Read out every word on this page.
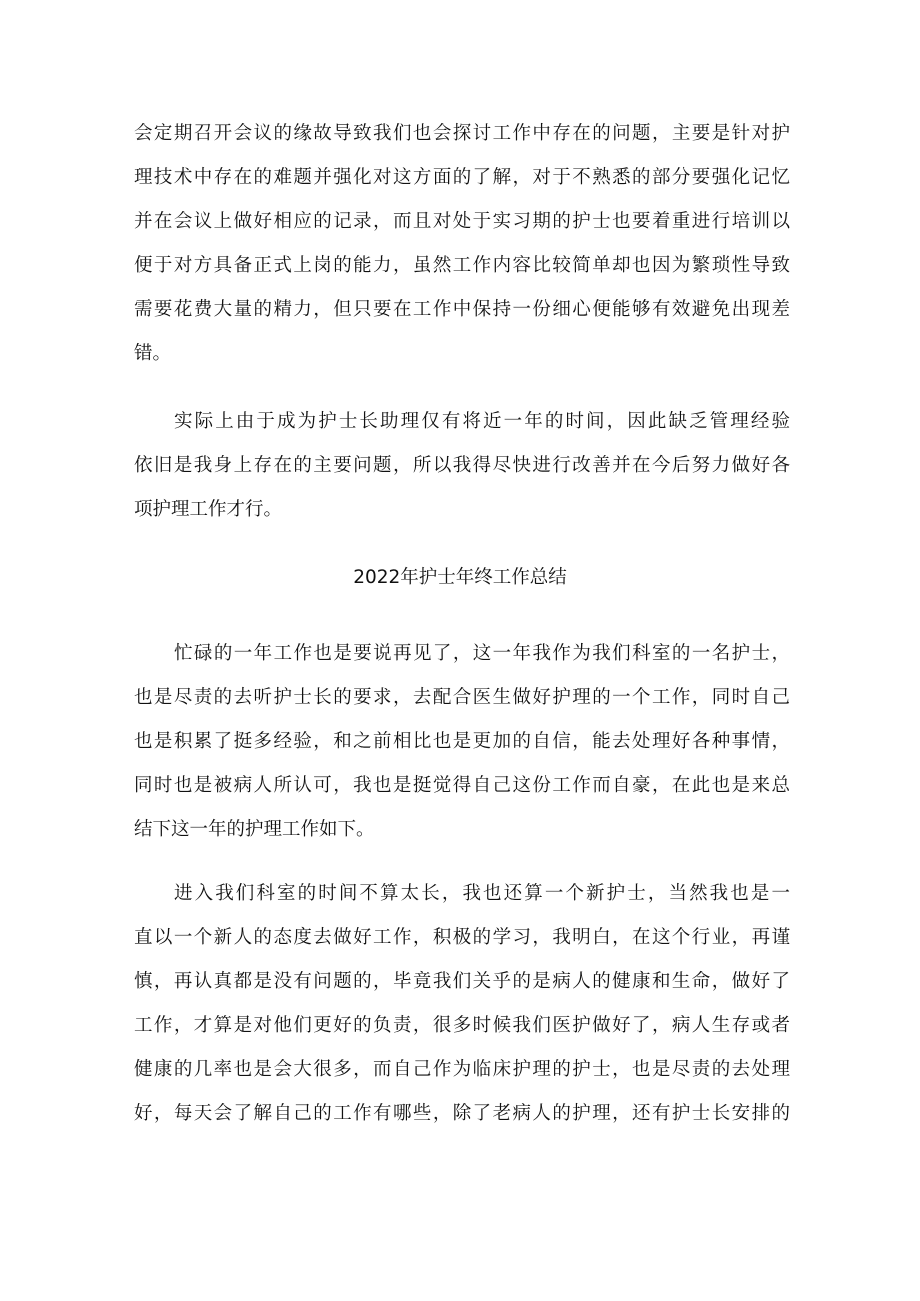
会定期召开会议的缘故导致我们也会探讨工作中存在的问题，主要是针对护
理技术中存在的难题并强化对这方面的了解，对于不熟悉的部分要强化记忆
并在会议上做好相应的记录，而且对处于实习期的护士也要着重进行培训以
便于对方具备正式上岗的能力，虽然工作内容比较简单却也因为繁琐性导致
需要花费大量的精力，但只要在工作中保持一份细心便能够有效避免出现差
错。
实际上由于成为护士长助理仅有将近一年的时间，因此缺乏管理经验
依旧是我身上存在的主要问题，所以我得尽快进行改善并在今后努力做好各
项护理工作才行。
2022年护士年终工作总结
忙碌的一年工作也是要说再见了，这一年我作为我们科室的一名护士，
也是尽责的去听护士长的要求，去配合医生做好护理的一个工作，同时自己
也是积累了挺多经验，和之前相比也是更加的自信，能去处理好各种事情，
同时也是被病人所认可，我也是挺觉得自己这份工作而自豪，在此也是来总
结下这一年的护理工作如下。
进入我们科室的时间不算太长，我也还算一个新护士，当然我也是一
直以一个新人的态度去做好工作，积极的学习，我明白，在这个行业，再谨
慎，再认真都是没有问题的，毕竟我们关乎的是病人的健康和生命，做好了
工作，才算是对他们更好的负责，很多时候我们医护做好了，病人生存或者
健康的几率也是会大很多，而自己作为临床护理的护士，也是尽责的去处理
好，每天会了解自己的工作有哪些，除了老病人的护理，还有护士长安排的
